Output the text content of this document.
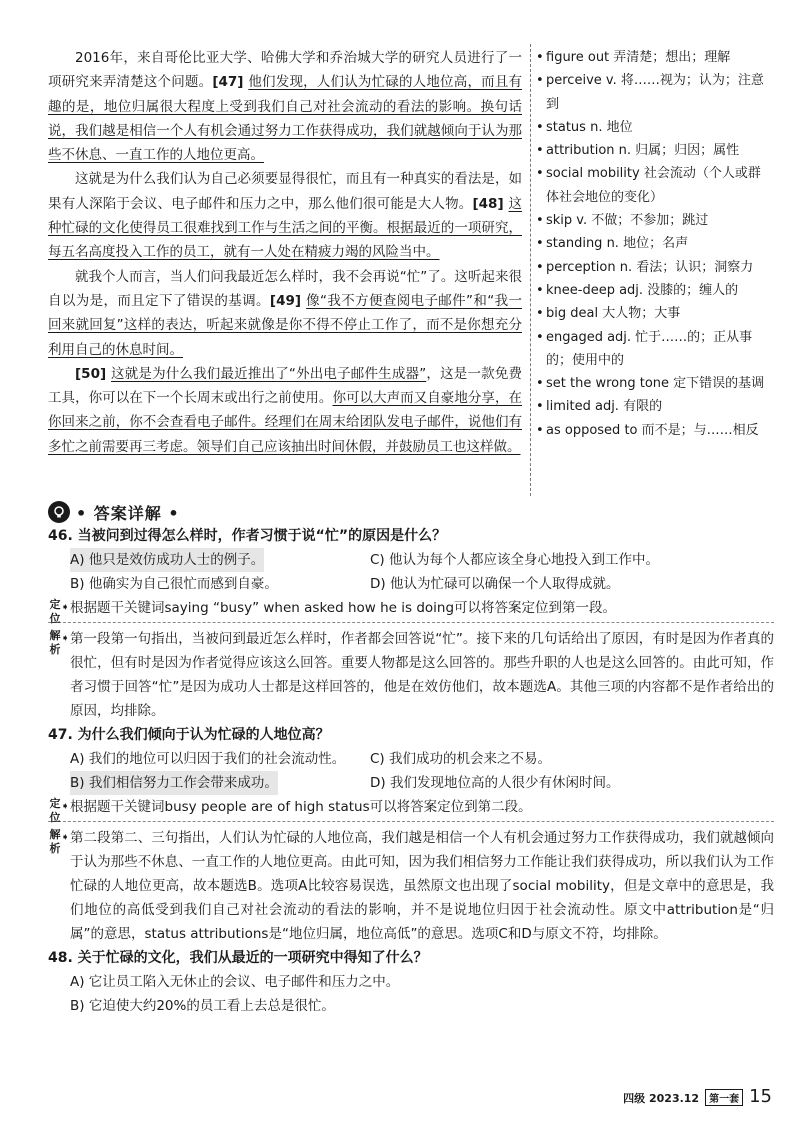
2016年，来自哥伦比亚大学、哈佛大学和乔治城大学的研究人员进行了一项研究来弄清楚这个问题。[47] 他们发现，人们认为忙碌的人地位高，而且有趣的是，地位归属很大程度上受到我们自己对社会流动的看法的影响。换句话说，我们越是相信一个人有机会通过努力工作获得成功，我们就越倾向于认为那些不休息、一直工作的人地位更高。

这就是为什么我们认为自己必须要显得很忙，而且有一种真实的看法是，如果有人深陷于会议、电子邮件和压力之中，那么他们很可能是大人物。[48] 这种忙碌的文化使得员工很难找到工作与生活之间的平衡。根据最近的一项研究，每五名高度投入工作的员工，就有一人处在精疲力竭的风险当中。

就我个人而言，当人们问我最近怎么样时，我不会再说“忙”了。这听起来很自以为是，而且定下了错误的基调。[49] 像“我不方便查阅电子邮件”和“我一回来就回复”这样的表达，听起来就像是你不得不停止工作了，而不是你想充分利用自己的休息时间。

[50] 这就是为什么我们最近推出了“外出电子邮件生成器”，这是一款免费工具，你可以在下一个长周末或出行之前使用。你可以大声而又自豪地分享，在你回来之前，你不会查看电子邮件。经理们在周末给团队发电子邮件，说他们有多忙之前需要再三考虑。领导们自己应该抽出时间休假，并鼓励员工也这样做。

• figure out 弄清楚；想出；理解
• perceive v. 将……视为；认为；注意到
• status n. 地位
• attribution n. 归属；归因；属性
• social mobility 社会流动（个人或群体社会地位的变化）
• skip v. 不做；不参加；跳过
• standing n. 地位；名声
• perception n. 看法；认识；洞察力
• knee-deep adj. 没膝的；缠人的
• big deal 大人物；大事
• engaged adj. 忙于……的；正从事的；使用中的
• set the wrong tone 定下错误的基调
• limited adj. 有限的
• as opposed to 而不是；与……相反
• 答案详解 •
46. 当被问到过得怎么样时，作者习惯于说“忙”的原因是什么？
A) 他只是效仿成功人士的例子。	C) 他认为每个人都应该全身心地投入到工作中。
B) 他确实为自己很忙而感到自豪。	D) 他认为忙碌可以确保一个人取得成就。
定
位
➧ 根据题干关键词saying “busy” when asked how he is doing可以将答案定位到第一段。
解
析
➧ 第一段第一句指出，当被问到最近怎么样时，作者都会回答说“忙”。接下来的几句话给出了原因，有时是因为作者真的很忙，但有时是因为作者觉得应该这么回答。重要人物都是这么回答的。那些升职的人也是这么回答的。由此可知，作者习惯于回答“忙”是因为成功人士都是这样回答的，他是在效仿他们，故本题选A。其他三项的内容都不是作者给出的原因，均排除。
47. 为什么我们倾向于认为忙碌的人地位高？
A) 我们的地位可以归因于我们的社会流动性。	C) 我们成功的机会来之不易。
B) 我们相信努力工作会带来成功。	D) 我们发现地位高的人很少有休闲时间。
定
位
➧ 根据题干关键词busy people are of high status可以将答案定位到第二段。
解
析
➧ 第二段第二、三句指出，人们认为忙碌的人地位高，我们越是相信一个人有机会通过努力工作获得成功，我们就越倾向于认为那些不休息、一直工作的人地位更高。由此可知，因为我们相信努力工作能让我们获得成功，所以我们认为工作忙碌的人地位更高，故本题选B。选项A比较容易误选，虽然原文也出现了social mobility，但是文章中的意思是，我们地位的高低受到我们自己对社会流动的看法的影响，并不是说地位归因于社会流动性。原文中attribution是“归属”的意思，status attributions是“地位归属，地位高低”的意思。选项C和D与原文不符，均排除。
48. 关于忙碌的文化，我们从最近的一项研究中得知了什么？
A) 它让员工陷入无休止的会议、电子邮件和压力之中。
B) 它迫使大约20%的员工看上去总是很忙。
四级 2023.12	第一套 15
